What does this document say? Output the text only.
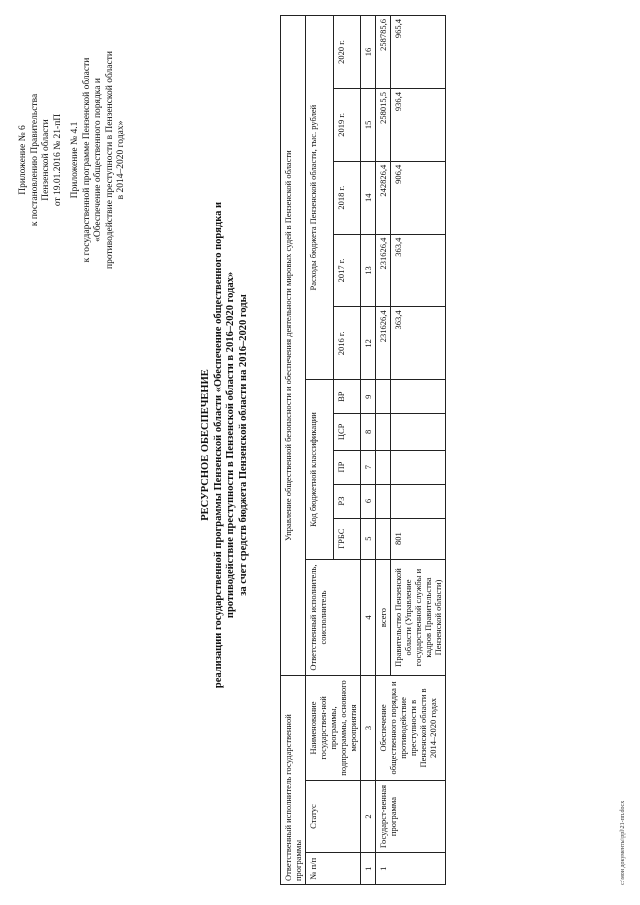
Приложение № 6 к постановлению Правительства Пензенской области от 19.01.2016 № 21-пП Приложение № 4.1 к государственной программе Пензенской области «Обеспечение общественного порядка и противодействие преступности в Пензенской области в 2014–2020 годах»
РЕСУРСНОЕ ОБЕСПЕЧЕНИЕ реализации государственной программы Пензенской области «Обеспечение общественного порядка и противодействие преступности в Пензенской области в 2016–2020 годах» за счет средств бюджета Пензенской области на 2016–2020 годы
Ответственный исполнитель государственной программы			Управление общественной безопасности и обеспечения деятельности мировых судей в Пензенской области										
№ п/п	Статус	Наименование государствен-ной программы, подпрограммы, основного мероприятия	Ответственный исполнитель, соисполнитель	Код бюджетной классификации					Расходы бюджета Пензенской области, тыс. рублей				
				ГРБС	РЗ	ПР	ЦСР	ВР	2016 г.	2017 г.	2018 г.	2019 г.	2020 г.
1	2	3	4	5	6	7	8	9	12	13	14	15	16
1	Государст-венная программа	Обеспечение общественного порядка и противодействие преступности в Пензенской области в 2014–2020 годах	всего						231626,4	231626,4	242826,4	258015,5	258785,6
			Правительство Пензенской области (Управление государственной службы и кадров Правительства Пензенской области)	801					363,4	363,4	906,4	936,4	965,4
c:\мои документы\ppl\21-пп.docx
